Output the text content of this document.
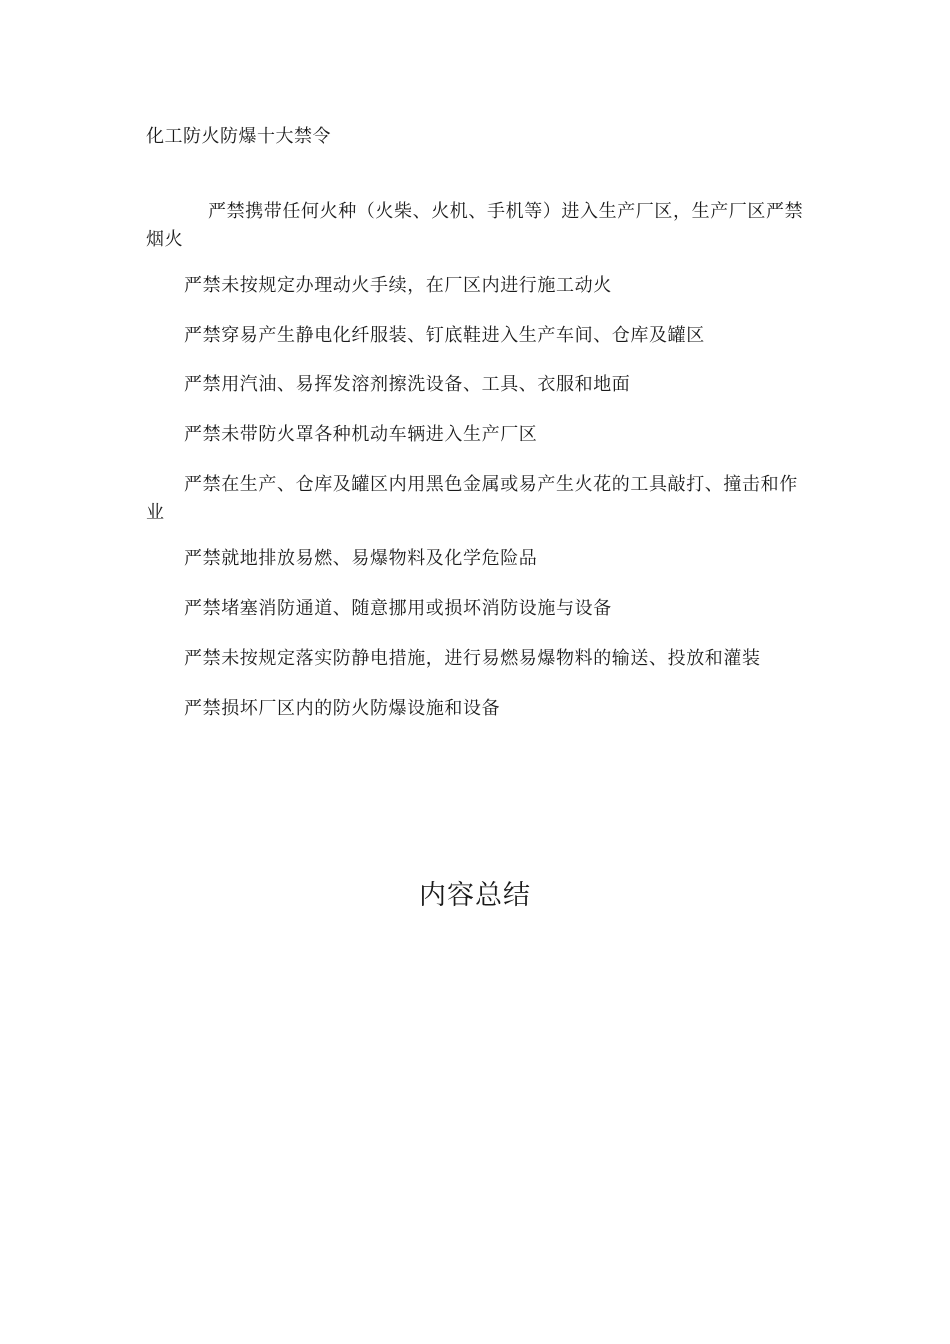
化工防火防爆十大禁令
严禁携带任何火种（火柴、火机、手机等）进入生产厂区，生产厂区严禁烟火
严禁未按规定办理动火手续，在厂区内进行施工动火
严禁穿易产生静电化纤服装、钉底鞋进入生产车间、仓库及罐区
严禁用汽油、易挥发溶剂擦洗设备、工具、衣服和地面
严禁未带防火罩各种机动车辆进入生产厂区
严禁在生产、仓库及罐区内用黑色金属或易产生火花的工具敲打、撞击和作业
严禁就地排放易燃、易爆物料及化学危险品
严禁堵塞消防通道、随意挪用或损坏消防设施与设备
严禁未按规定落实防静电措施，进行易燃易爆物料的输送、投放和灌装
严禁损坏厂区内的防火防爆设施和设备
内容总结
